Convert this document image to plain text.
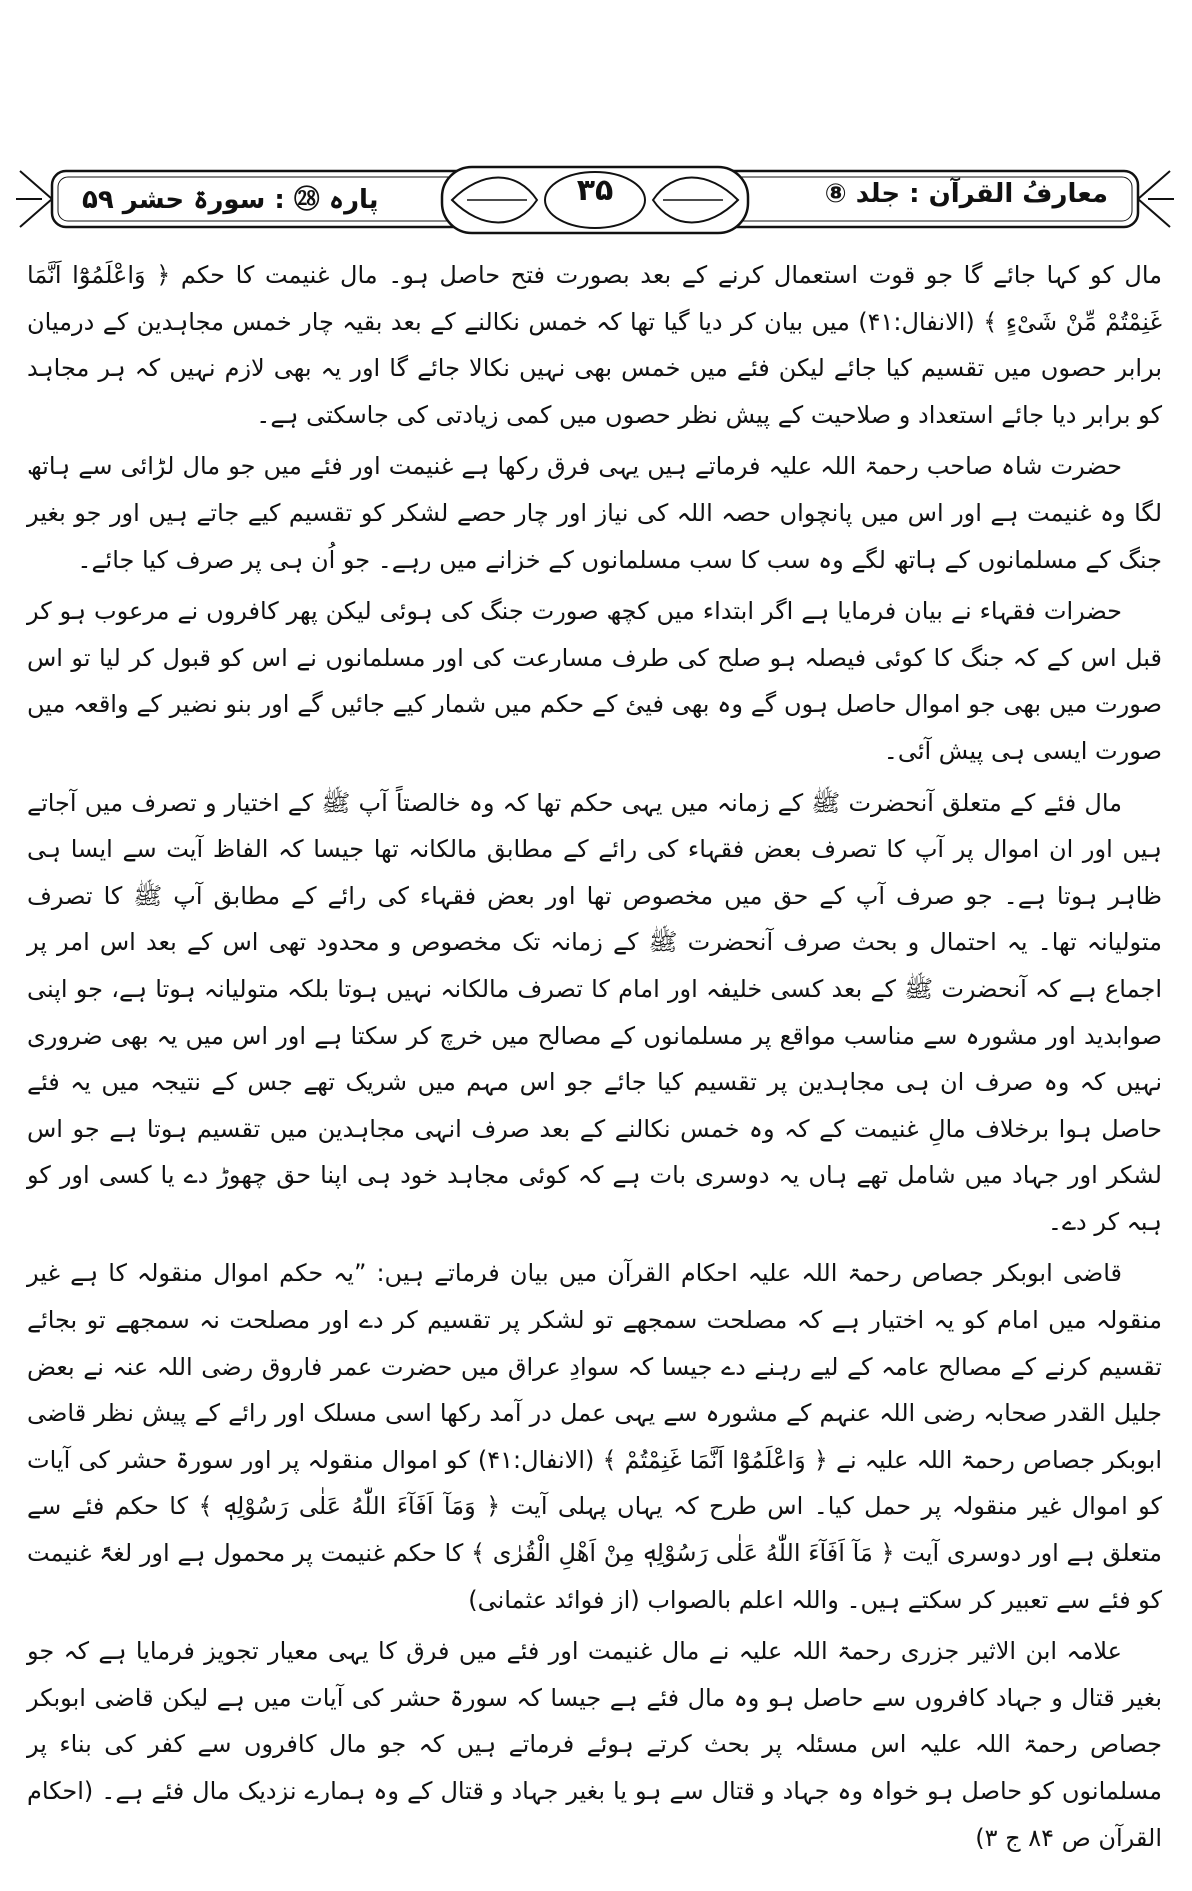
معارفُ القرآن : جلد ⑧
۳۵
پارہ ㉘ : سورۃ حشر ۵۹

مال کو کہا جائے گا جو قوت استعمال کرنے کے بعد بصورت فتح حاصل ہو۔ مال غنیمت کا حکم ﴿ وَاعْلَمُوْٓا اَنَّمَا غَنِمْتُمْ مِّنْ شَیْءٍ ﴾ (الانفال:۴۱) میں بیان کر دیا گیا تھا کہ خمس نکالنے کے بعد بقیہ چار خمس مجاہدین کے درمیان برابر حصوں میں تقسیم کیا جائے لیکن فئے میں خمس بھی نہیں نکالا جائے گا اور یہ بھی لازم نہیں کہ ہر مجاہد کو برابر دیا جائے استعداد و صلاحیت کے پیش نظر حصوں میں کمی زیادتی کی جاسکتی ہے۔

حضرت شاہ صاحب رحمۃ اللہ علیہ فرماتے ہیں یہی فرق رکھا ہے غنیمت اور فئے میں جو مال لڑائی سے ہاتھ لگا وہ غنیمت ہے اور اس میں پانچواں حصہ اللہ کی نیاز اور چار حصے لشکر کو تقسیم کیے جاتے ہیں اور جو بغیر جنگ کے مسلمانوں کے ہاتھ لگے وہ سب کا سب مسلمانوں کے خزانے میں رہے۔ جو اُن ہی پر صرف کیا جائے۔

حضرات فقہاء نے بیان فرمایا ہے اگر ابتداء میں کچھ صورت جنگ کی ہوئی لیکن پھر کافروں نے مرعوب ہو کر قبل اس کے کہ جنگ کا کوئی فیصلہ ہو صلح کی طرف مسارعت کی اور مسلمانوں نے اس کو قبول کر لیا تو اس صورت میں بھی جو اموال حاصل ہوں گے وہ بھی فیئ کے حکم میں شمار کیے جائیں گے اور بنو نضیر کے واقعہ میں صورت ایسی ہی پیش آئی۔

مال فئے کے متعلق آنحضرت ﷺ کے زمانہ میں یہی حکم تھا کہ وہ خالصتاً آپ ﷺ کے اختیار و تصرف میں آجاتے ہیں اور ان اموال پر آپ کا تصرف بعض فقہاء کی رائے کے مطابق مالکانہ تھا جیسا کہ الفاظ آیت سے ایسا ہی ظاہر ہوتا ہے۔ جو صرف آپ کے حق میں مخصوص تھا اور بعض فقہاء کی رائے کے مطابق آپ ﷺ کا تصرف متولیانہ تھا۔ یہ احتمال و بحث صرف آنحضرت ﷺ کے زمانہ تک مخصوص و محدود تھی اس کے بعد اس امر پر اجماع ہے کہ آنحضرت ﷺ کے بعد کسی خلیفہ اور امام کا تصرف مالکانہ نہیں ہوتا بلکہ متولیانہ ہوتا ہے، جو اپنی صوابدید اور مشورہ سے مناسب مواقع پر مسلمانوں کے مصالح میں خرچ کر سکتا ہے اور اس میں یہ بھی ضروری نہیں کہ وہ صرف ان ہی مجاہدین پر تقسیم کیا جائے جو اس مہم میں شریک تھے جس کے نتیجہ میں یہ فئے حاصل ہوا برخلاف مالِ غنیمت کے کہ وہ خمس نکالنے کے بعد صرف انہی مجاہدین میں تقسیم ہوتا ہے جو اس لشکر اور جہاد میں شامل تھے ہاں یہ دوسری بات ہے کہ کوئی مجاہد خود ہی اپنا حق چھوڑ دے یا کسی اور کو ہبہ کر دے۔

قاضی ابوبکر جصاص رحمۃ اللہ علیہ احکام القرآن میں بیان فرماتے ہیں: ”یہ حکم اموال منقولہ کا ہے غیر منقولہ میں امام کو یہ اختیار ہے کہ مصلحت سمجھے تو لشکر پر تقسیم کر دے اور مصلحت نہ سمجھے تو بجائے تقسیم کرنے کے مصالح عامہ کے لیے رہنے دے جیسا کہ سوادِ عراق میں حضرت عمر فاروق رضی اللہ عنہ نے بعض جلیل القدر صحابہ رضی اللہ عنہم کے مشورہ سے یہی عمل در آمد رکھا اسی مسلک اور رائے کے پیش نظر قاضی ابوبکر جصاص رحمۃ اللہ علیہ نے ﴿ وَاعْلَمُوْٓا اَنَّمَا غَنِمْتُمْ ﴾ (الانفال:۴۱) کو اموال منقولہ پر اور سورۃ حشر کی آیات کو اموال غیر منقولہ پر حمل کیا۔ اس طرح کہ یہاں پہلی آیت ﴿ وَمَآ اَفَآءَ اللّٰهُ عَلٰی رَسُوْلِهٖ ﴾ کا حکم فئے سے متعلق ہے اور دوسری آیت ﴿ مَآ اَفَآءَ اللّٰهُ عَلٰی رَسُوْلِهٖ مِنْ اَهْلِ الْقُرٰی ﴾ کا حکم غنیمت پر محمول ہے اور لغۃً غنیمت کو فئے سے تعبیر کر سکتے ہیں۔ واللہ اعلم بالصواب (از فوائد عثمانی)

علامہ ابن الاثیر جزری رحمۃ اللہ علیہ نے مال غنیمت اور فئے میں فرق کا یہی معیار تجویز فرمایا ہے کہ جو بغیر قتال و جہاد کافروں سے حاصل ہو وہ مال فئے ہے جیسا کہ سورۃ حشر کی آیات میں ہے لیکن قاضی ابوبکر جصاص رحمۃ اللہ علیہ اس مسئلہ پر بحث کرتے ہوئے فرماتے ہیں کہ جو مال کافروں سے کفر کی بناء پر مسلمانوں کو حاصل ہو خواہ وہ جہاد و قتال سے ہو یا بغیر جہاد و قتال کے وہ ہمارے نزدیک مال فئے ہے۔ (احکام القرآن ص ۸۴ ج ۳)
